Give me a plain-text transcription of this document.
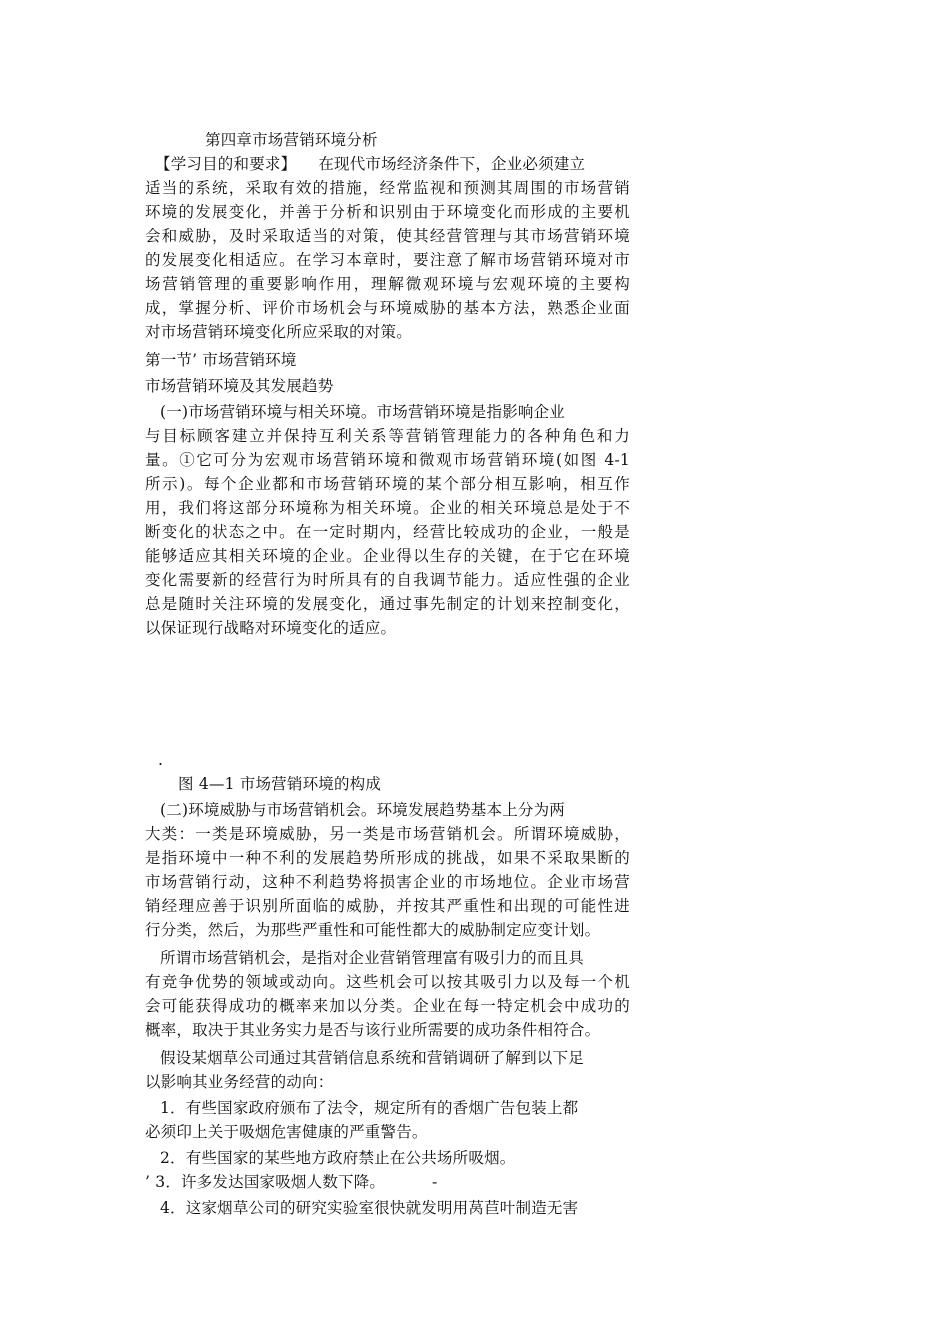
第四章市场营销环境分析
【学习目的和要求】 在现代市场经济条件下，企业必须建立
适当的系统，采取有效的措施，经常监视和预测其周围的市场营销
环境的发展变化，并善于分析和识别由于环境变化而形成的主要机
会和威胁，及时采取适当的对策，使其经营管理与其市场营销环境
的发展变化相适应。在学习本章时，要注意了解市场营销环境对市
场营销管理的重要影响作用，理解微观环境与宏观环境的主要构
成，掌握分析、评价市场机会与环境威胁的基本方法，熟悉企业面
对市场营销环境变化所应采取的对策。
第一节’ 市场营销环境
市场营销环境及其发展趋势
(一)市场营销环境与相关环境。市场营销环境是指影响企业
与目标顾客建立并保持互利关系等营销管理能力的各种角色和力
量。①它可分为宏观市场营销环境和微观市场营销环境(如图 4-1
所示)。每个企业都和市场营销环境的某个部分相互影响，相互作
用，我们将这部分环境称为相关环境。企业的相关环境总是处于不
断变化的状态之中。在一定时期内，经营比较成功的企业，一般是
能够适应其相关环境的企业。企业得以生存的关键，在于它在环境
变化需要新的经营行为时所具有的自我调节能力。适应性强的企业
总是随时关注环境的发展变化，通过事先制定的计划来控制变化，
以保证现行战略对环境变化的适应。
.
图 4—1 市场营销环境的构成
(二)环境威胁与市场营销机会。环境发展趋势基本上分为两
大类：一类是环境威胁，另一类是市场营销机会。所谓环境威胁，
是指环境中一种不利的发展趋势所形成的挑战，如果不采取果断的
市场营销行动，这种不利趋势将损害企业的市场地位。企业市场营
销经理应善于识别所面临的威胁，并按其严重性和出现的可能性进
行分类，然后，为那些严重性和可能性都大的威胁制定应变计划。
所谓市场营销机会，是指对企业营销管理富有吸引力的而且具
有竞争优势的领域或动向。这些机会可以按其吸引力以及每一个机
会可能获得成功的概率来加以分类。企业在每一特定机会中成功的
概率，取决于其业务实力是否与该行业所需要的成功条件相符合。
假设某烟草公司通过其营销信息系统和营销调研了解到以下足
以影响其业务经营的动向：
1．有些国家政府颁布了法令，规定所有的香烟广告包装上都
必须印上关于吸烟危害健康的严重警告。
2．有些国家的某些地方政府禁止在公共场所吸烟。
’ 3．许多发达国家吸烟人数下降。	-
4．这家烟草公司的研究实验室很快就发明用莴苣叶制造无害
